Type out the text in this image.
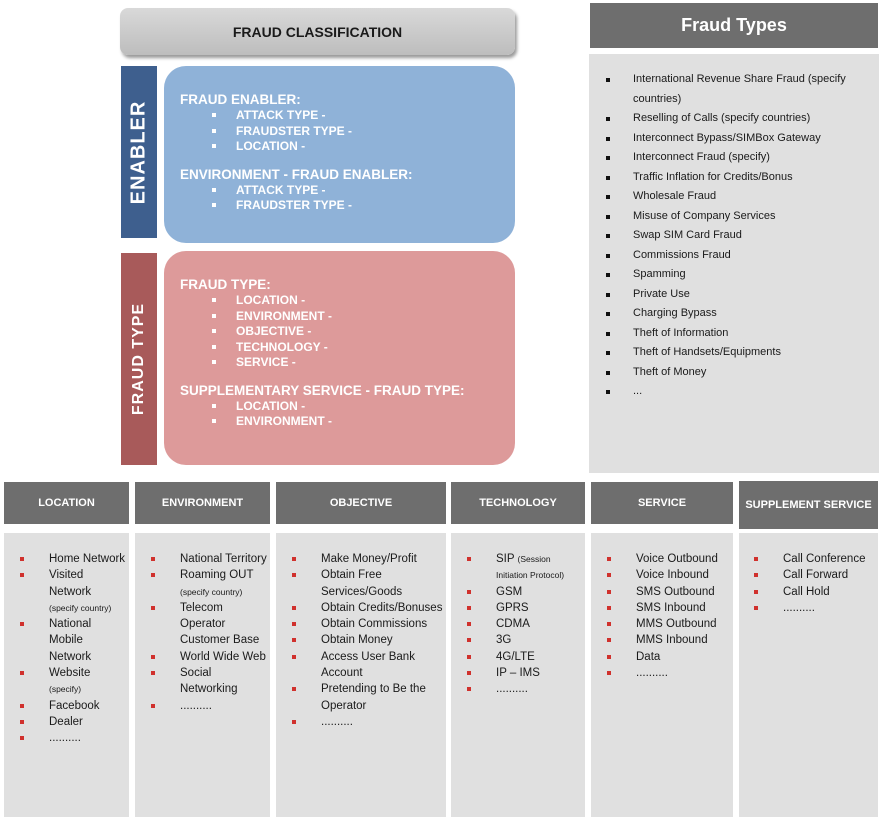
FRAUD CLASSIFICATION
ENABLER
FRAUD TYPE
FRAUD ENABLER:
ATTACK TYPE -
FRAUDSTER TYPE -
LOCATION -
ENVIRONMENT - FRAUD ENABLER:
ATTACK TYPE -
FRAUDSTER TYPE -
FRAUD TYPE:
LOCATION -
ENVIRONMENT -
OBJECTIVE -
TECHNOLOGY -
SERVICE -
SUPPLEMENTARY SERVICE - FRAUD TYPE:
LOCATION -
ENVIRONMENT -
Fraud Types
International Revenue Share Fraud (specify countries)
Reselling of Calls (specify countries)
Interconnect Bypass/SIMBox Gateway
Interconnect Fraud (specify)
Traffic Inflation for Credits/Bonus
Wholesale Fraud
Misuse of Company Services
Swap SIM Card Fraud
Commissions Fraud
Spamming
Private Use
Charging Bypass
Theft of Information
Theft of Handsets/Equipments
Theft of Money
...
LOCATION
Home Network
Visited Network
(specify country)
National Mobile Network
Website
(specify)
Facebook
Dealer
..........
ENVIRONMENT
National Territory
Roaming OUT (specify country)
Telecom Operator Customer Base
World Wide Web
Social Networking
..........
OBJECTIVE
Make Money/Profit
Obtain Free Services/Goods
Obtain Credits/Bonuses
Obtain Commissions
Obtain Money
Access User Bank Account
Pretending to Be the Operator
..........
TECHNOLOGY
SIP (Session Initiation Protocol)
GSM
GPRS
CDMA
3G
4G/LTE
IP – IMS
..........
SERVICE
Voice Outbound
Voice Inbound
SMS Outbound
SMS Inbound
MMS Outbound
MMS Inbound
Data
..........
SUPPLEMENT SERVICE
Call Conference
Call Forward
Call Hold
..........
